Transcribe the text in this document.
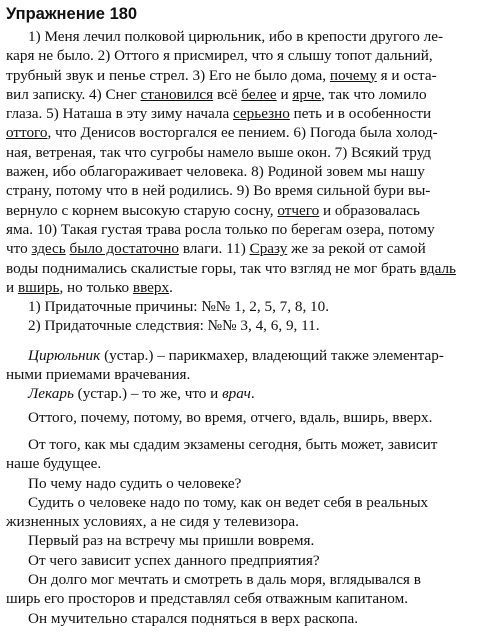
Упражнение 180
1) Меня лечил полковой цирюльник, ибо в крепости другого ле-
каря не было. 2) Оттого я присмирел, что я слышу топот дальний,
трубный звук и пенье стрел. 3) Его не было дома, почему я и оста-
вил записку. 4) Снег становился всё белее и ярче, так что ломило
глаза. 5) Наташа в эту зиму начала серьезно петь и в особенности
оттого, что Денисов восторгался ее пением. 6) Погода была холод-
ная, ветреная, так что сугробы намело выше окон. 7) Всякий труд
важен, ибо облагораживает человека. 8) Родиной зовем мы нашу
страну, потому что в ней родились. 9) Во время сильной бури вы-
вернуло с корнем высокую старую сосну, отчего и образовалась
яма. 10) Такая густая трава росла только по берегам озера, потому
что здесь было достаточно влаги. 11) Сразу же за рекой от самой
воды поднимались скалистые горы, так что взгляд не мог брать вдаль
и вширь, но только вверх.
1) Придаточные причины: №№ 1, 2, 5, 7, 8, 10.
2) Придаточные следствия: №№ 3, 4, 6, 9, 11.
Цирюльник (устар.) – парикмахер, владеющий также элементар-
ными приемами врачевания.
Лекарь (устар.) – то же, что и врач.
Оттого, почему, потому, во время, отчего, вдаль, вширь, вверх.
От того, как мы сдадим экзамены сегодня, быть может, зависит
наше будущее.
По чему надо судить о человеке?
Судить о человеке надо по тому, как он ведет себя в реальных
жизненных условиях, а не сидя у телевизора.
Первый раз на встречу мы пришли вовремя.
От чего зависит успех данного предприятия?
Он долго мог мечтать и смотреть в даль моря, вглядывался в
ширь его просторов и представлял себя отважным капитаном.
Он мучительно старался подняться в верх раскопа.
